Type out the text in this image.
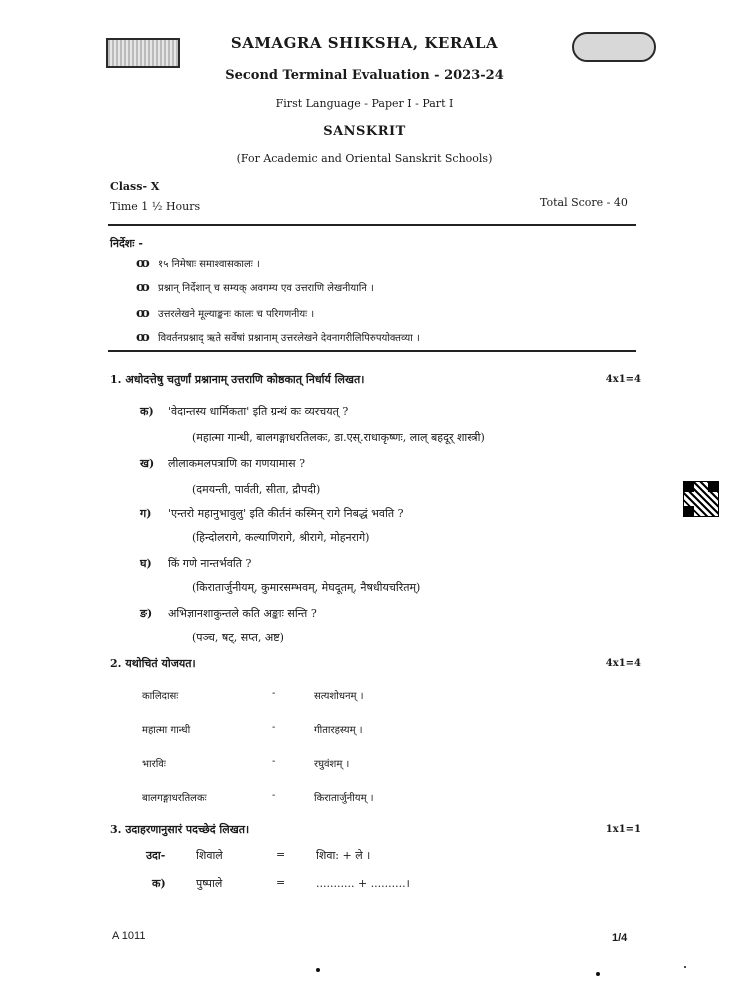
SAMAGRA SHIKSHA, KERALA
Second Terminal Evaluation - 2023-24
First Language - Paper I - Part I
SANSKRIT
(For Academic and Oriental Sanskrit Schools)
Class- X
Time 1 ½ Hours	Total Score - 40
निर्देशः -
ꝏ १५ निमेषाः समाश्वासकालः ।
ꝏ प्रश्नान् निर्देशान् च सम्यक् अवगम्य एव उत्तराणि लेखनीयानि ।
ꝏ उत्तरलेखने मूल्याङ्कनः कालः च परिगणनीयः ।
ꝏ विवर्तनप्रश्नाद् ऋते सर्वेषां प्रश्नानाम् उत्तरलेखने देवनागरीलिपिरुपयोक्तव्या ।
1. अधोदत्तेषु चतुर्णां प्रश्नानाम् उत्तराणि कोष्ठकात् निर्धार्य लिखत।	4x1=4
क) 'वेदान्तस्य धार्मिकता' इति ग्रन्थं कः व्यरचयत् ?
(महात्मा गान्धी, बालगङ्गाधरतिलकः, डा.एस्.राधाकृष्णः, लाल् बहदूर् शास्त्री)
ख) लीलाकमलपत्राणि का गणयामास ?
(दमयन्ती, पार्वती, सीता, द्रौपदी)
ग) 'एन्तरो महानुभावुलु' इति कीर्तनं कस्मिन् रागे निबद्धं भवति ?
(हिन्दोलरागे, कल्याणिरागे, श्रीरागे, मोहनरागे)
घ) किं गणे नान्तर्भवति ?
(किरातार्जुनीयम्, कुमारसम्भवम्, मेघदूतम्, नैषधीयचरितम्)
ङ) अभिज्ञानशाकुन्तले कति अङ्काः सन्ति ?
(पञ्च, षट्, सप्त, अष्ट)
2. यथोचितं योजयत।	4x1=4
कालिदासः	-	सत्यशोधनम् ।
महात्मा गान्धी	-	गीतारहस्यम् ।
भारविः	-	रघुवंशम् ।
बालगङ्गाधरतिलकः	-	किरातार्जुनीयम् ।
3. उदाहरणानुसारं पदच्छेदं लिखत।	1x1=1
उदा-	शिवाले	=	शिवा: + ले ।
क)	पुष्पाले	=	........... + ..........।
A 1011	1/4
